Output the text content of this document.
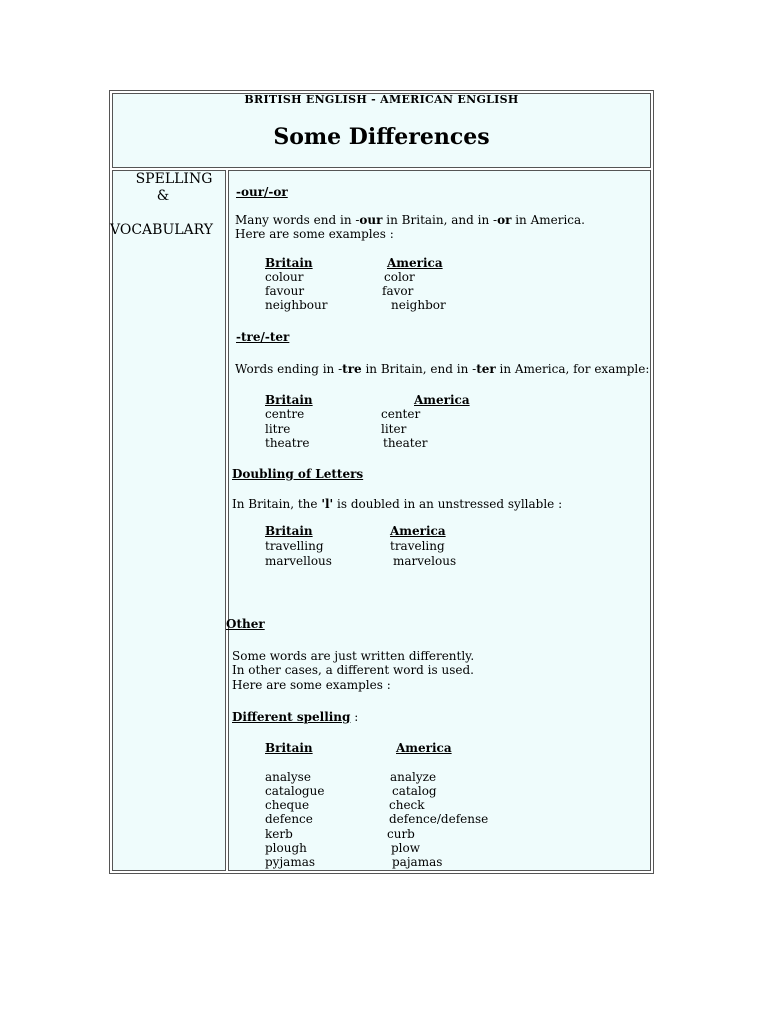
BRITISH ENGLISH - AMERICAN ENGLISH
Some Differences
SPELLING
&
VOCABULARY
-our/-or
Many words end in -our in Britain, and in -or in America.
Here are some examples :
Britain	America
colour	color
favour	favor
neighbour	neighbor
-tre/-ter
Words ending in -tre in Britain, end in -ter in America, for example:
Britain	America
centre	center
litre	liter
theatre	theater
Doubling of Letters
In Britain, the 'l' is doubled in an unstressed syllable :
Britain	America
travelling	traveling
marvellous	marvelous
Other
Some words are just written differently.
In other cases, a different word is used.
Here are some examples :
Different spelling :
Britain	America
analyse	analyze
catalogue	catalog
cheque	check
defence	defence/defense
kerb	curb
plough	plow
pyjamas	pajamas
